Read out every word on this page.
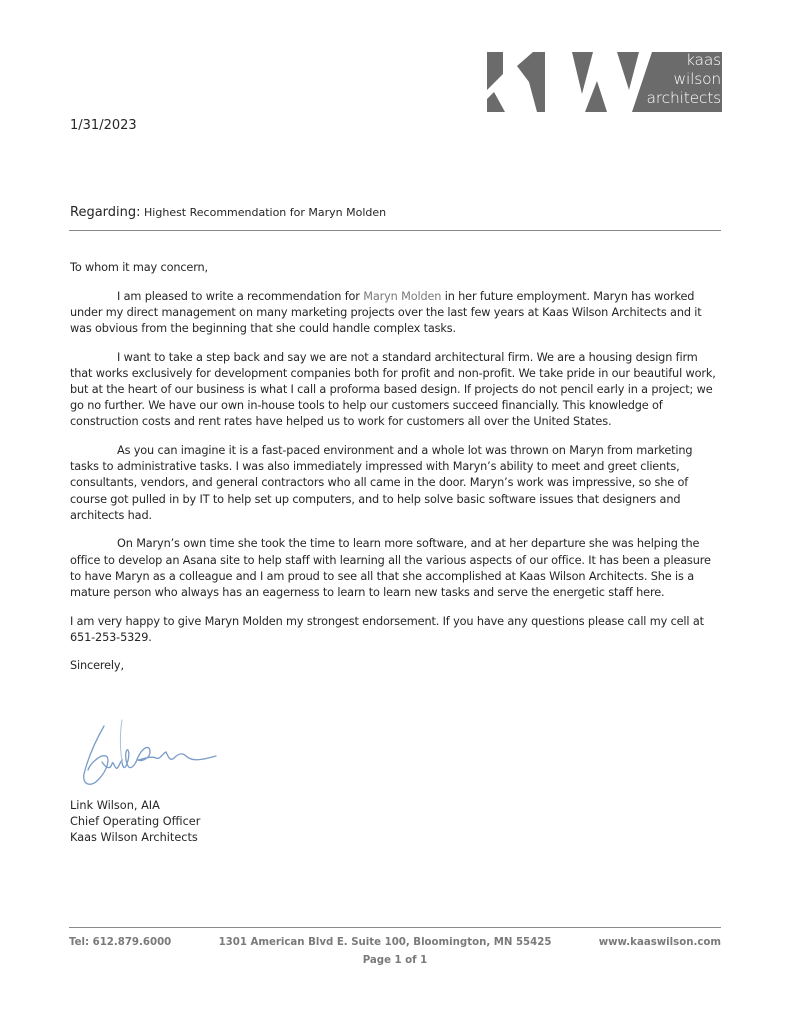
kaas
wilson
architects
1/31/2023
Regarding: Highest Recommendation for Maryn Molden

To whom it may concern,

I am pleased to write a recommendation for Maryn Molden in her future employment. Maryn has worked under my direct management on many marketing projects over the last few years at Kaas Wilson Architects and it was obvious from the beginning that she could handle complex tasks.

I want to take a step back and say we are not a standard architectural firm. We are a housing design firm that works exclusively for development companies both for profit and non-profit. We take pride in our beautiful work, but at the heart of our business is what I call a proforma based design. If projects do not pencil early in a project; we go no further. We have our own in-house tools to help our customers succeed financially. This knowledge of construction costs and rent rates have helped us to work for customers all over the United States.

As you can imagine it is a fast-paced environment and a whole lot was thrown on Maryn from marketing tasks to administrative tasks. I was also immediately impressed with Maryn’s ability to meet and greet clients, consultants, vendors, and general contractors who all came in the door. Maryn’s work was impressive, so she of course got pulled in by IT to help set up computers, and to help solve basic software issues that designers and architects had.

On Maryn’s own time she took the time to learn more software, and at her departure she was helping the office to develop an Asana site to help staff with learning all the various aspects of our office. It has been a pleasure to have Maryn as a colleague and I am proud to see all that she accomplished at Kaas Wilson Architects. She is a mature person who always has an eagerness to learn to learn new tasks and serve the energetic staff here.

I am very happy to give Maryn Molden my strongest endorsement. If you have any questions please call my cell at 651-253-5329.

Sincerely,

Link Wilson, AIA
Chief Operating Officer
Kaas Wilson Architects
Tel: 612.879.6000	1301 American Blvd E. Suite 100, Bloomington, MN 55425	www.kaaswilson.com
Page 1 of 1
